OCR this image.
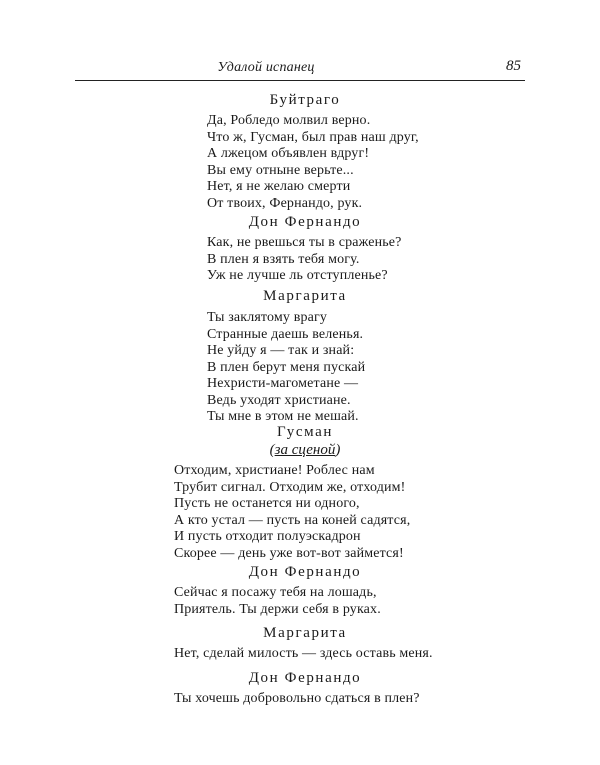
Удалой испанец	85
Буйтраго
Да, Робледо молвил верно.
Что ж, Гусман, был прав наш друг,
А лжецом объявлен вдруг!
Вы ему отныне верьте...
Нет, я не желаю смерти
От твоих, Фернандо, рук.
Дон Фернандо
Как, не рвешься ты в сраженье?
В плен я взять тебя могу.
Уж не лучше ль отступленье?
Маргарита
Ты заклятому врагу
Странные даешь веленья.
Не уйду я — так и знай:
В плен берут меня пускай
Нехристи-магометане —
Ведь уходят христиане.
Ты мне в этом не мешай.
Гусман
(за сценой)
Отходим, христиане! Роблес нам
Трубит сигнал. Отходим же, отходим!
Пусть не останется ни одного,
А кто устал — пусть на коней садятся,
И пусть отходит полуэскадрон
Скорее — день уже вот-вот займется!
Дон Фернандо
Сейчас я посажу тебя на лошадь,
Приятель. Ты держи себя в руках.
Маргарита
Нет, сделай милость — здесь оставь меня.
Дон Фернандо
Ты хочешь добровольно сдаться в плен?
